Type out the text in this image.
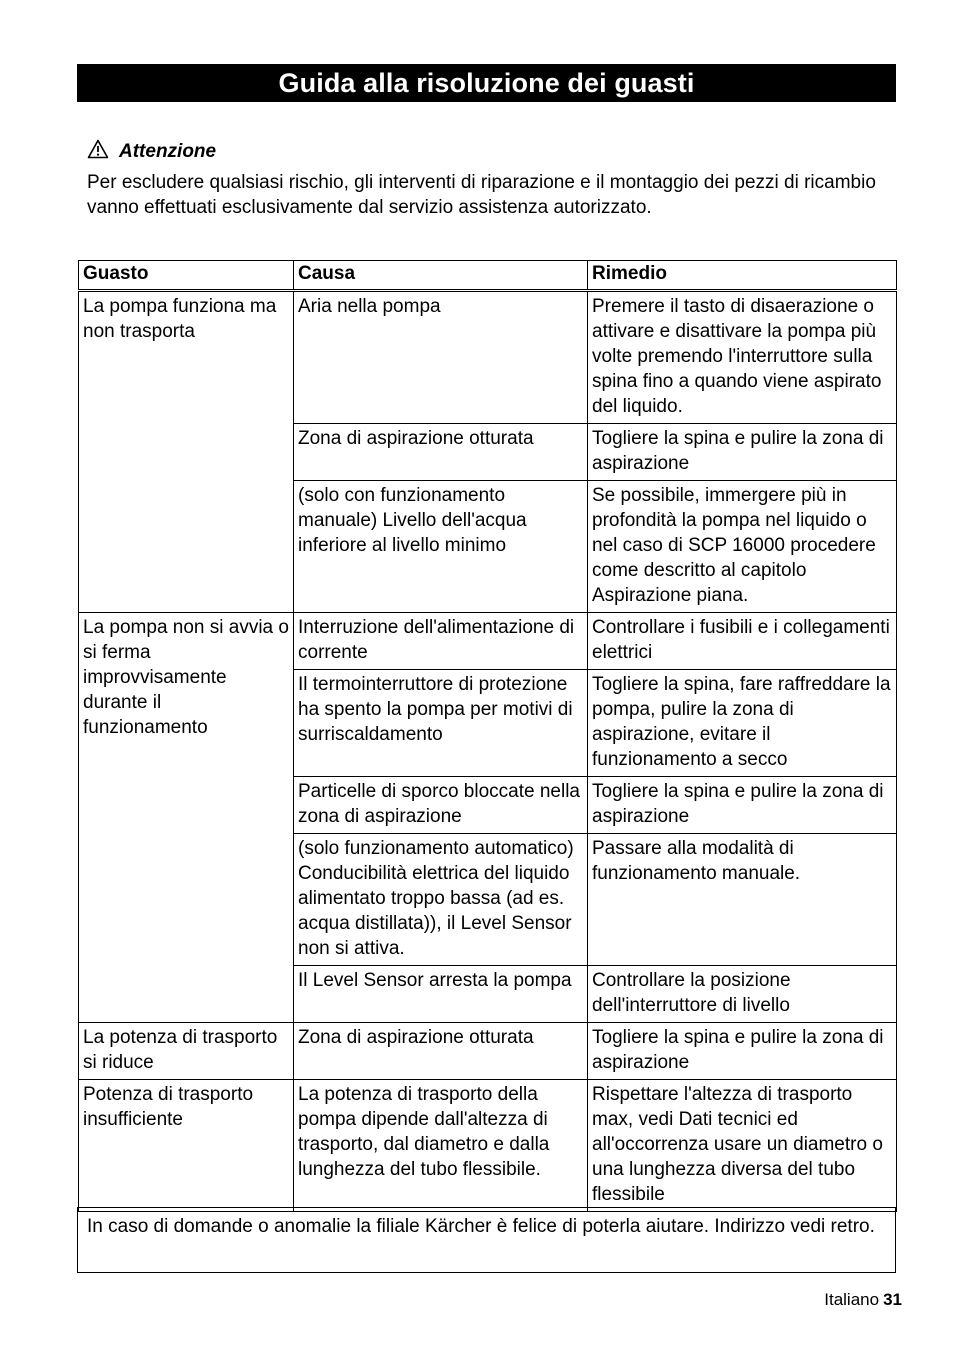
Guida alla risoluzione dei guasti
Attenzione
Per escludere qualsiasi rischio, gli interventi di riparazione e il montaggio dei pezzi di ricambio vanno effettuati esclusivamente dal servizio assistenza autorizzato.
Guasto	Causa	Rimedio
La pompa funziona ma non trasporta	Aria nella pompa	Premere il tasto di disaerazione o attivare e disattivare la pompa più volte premendo l'interruttore sulla spina fino a quando viene aspirato del liquido.
	Zona di aspirazione otturata	Togliere la spina e pulire la zona di aspirazione
	(solo con funzionamento manuale) Livello dell'acqua inferiore al livello minimo	Se possibile, immergere più in profondità la pompa nel liquido o nel caso di SCP 16000 procedere come descritto al capitolo Aspirazione piana.
La pompa non si avvia o si ferma improvvisamente durante il funzionamento	Interruzione dell'alimentazione di corrente	Controllare i fusibili e i collegamenti elettrici
	Il termointerruttore di protezione ha spento la pompa per motivi di surriscaldamento	Togliere la spina, fare raffreddare la pompa, pulire la zona di aspirazione, evitare il funzionamento a secco
	Particelle di sporco bloccate nella zona di aspirazione	Togliere la spina e pulire la zona di aspirazione
	(solo funzionamento automatico) Conducibilità elettrica del liquido alimentato troppo bassa (ad es. acqua distillata)), il Level Sensor non si attiva.	Passare alla modalità di funzionamento manuale.
	Il Level Sensor arresta la pompa	Controllare la posizione dell'interruttore di livello
La potenza di trasporto si riduce	Zona di aspirazione otturata	Togliere la spina e pulire la zona di aspirazione
Potenza di trasporto insufficiente	La potenza di trasporto della pompa dipende dall'altezza di trasporto, dal diametro e dalla lunghezza del tubo flessibile.	Rispettare l'altezza di trasporto max, vedi Dati tecnici ed all'occorrenza usare un diametro o una lunghezza diversa del tubo flessibile
In caso di domande o anomalie la filiale Kärcher è felice di poterla aiutare. Indirizzo vedi retro.
Italiano 31
